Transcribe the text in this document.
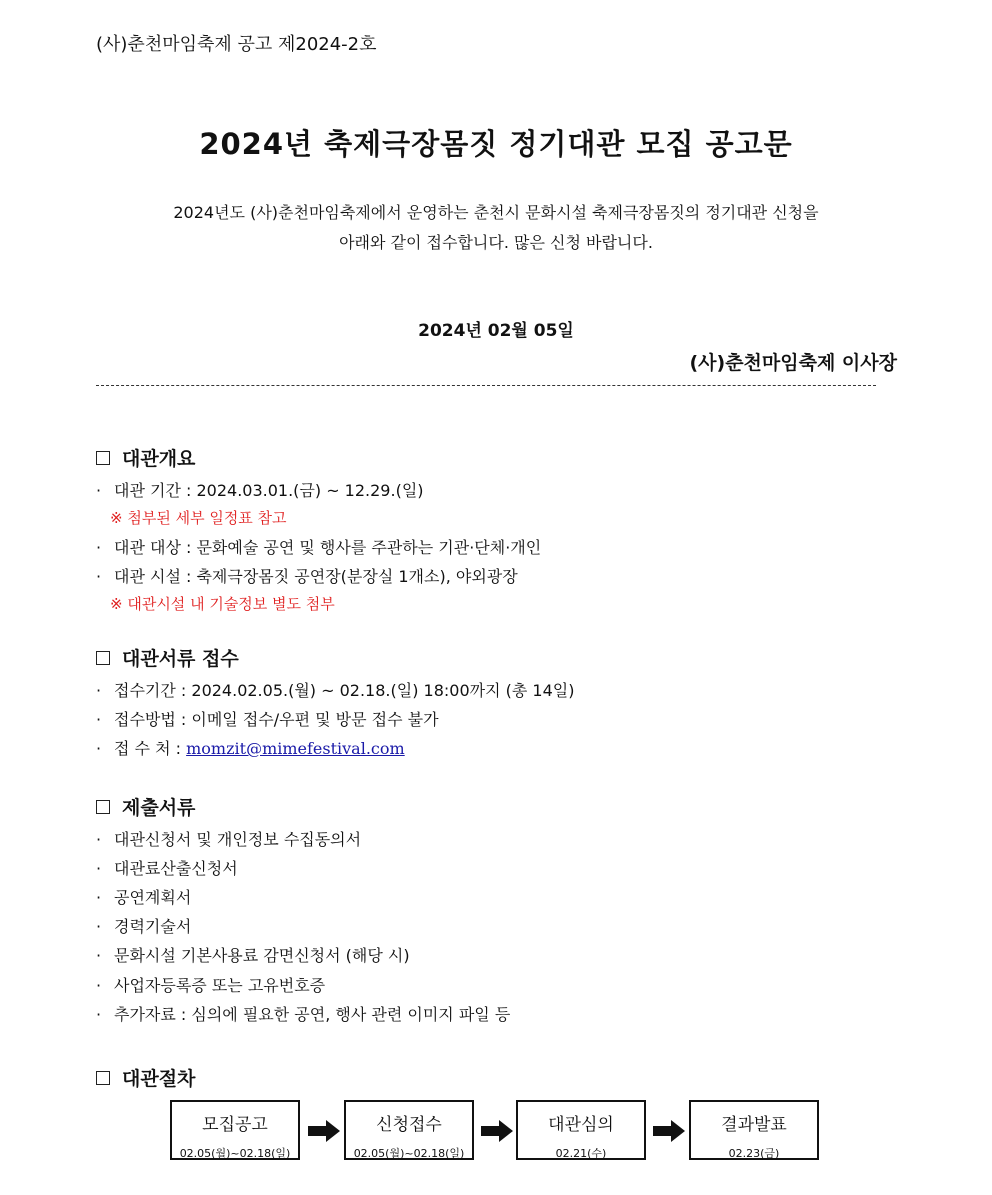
(사)춘천마임축제 공고 제2024-2호
2024년 축제극장몸짓 정기대관 모집 공고문
2024년도 (사)춘천마임축제에서 운영하는 춘천시 문화시설 축제극장몸짓의 정기대관 신청을
아래와 같이 접수합니다. 많은 신청 바랍니다.
2024년 02월 05일
(사)춘천마임축제 이사장
대관개요
· 대관 기간 : 2024.03.01.(금) ~ 12.29.(일)
※ 첨부된 세부 일정표 참고
· 대관 대상 : 문화예술 공연 및 행사를 주관하는 기관·단체·개인
· 대관 시설 : 축제극장몸짓 공연장(분장실 1개소), 야외광장
※ 대관시설 내 기술정보 별도 첨부
대관서류 접수
· 접수기간 : 2024.02.05.(월) ~ 02.18.(일) 18:00까지 (총 14일)
· 접수방법 : 이메일 접수/우편 및 방문 접수 불가
· 접 수 처 : momzit@mimefestival.com
제출서류
· 대관신청서 및 개인정보 수집동의서
· 대관료산출신청서
· 공연계획서
· 경력기술서
· 문화시설 기본사용료 감면신청서 (해당 시)
· 사업자등록증 또는 고유번호증
· 추가자료 : 심의에 필요한 공연, 행사 관련 이미지 파일 등
대관절차
모집공고
02.05(월)~02.18(일)
신청접수
02.05(월)~02.18(일)
대관심의
02.21(수)
결과발표
02.23(금)
